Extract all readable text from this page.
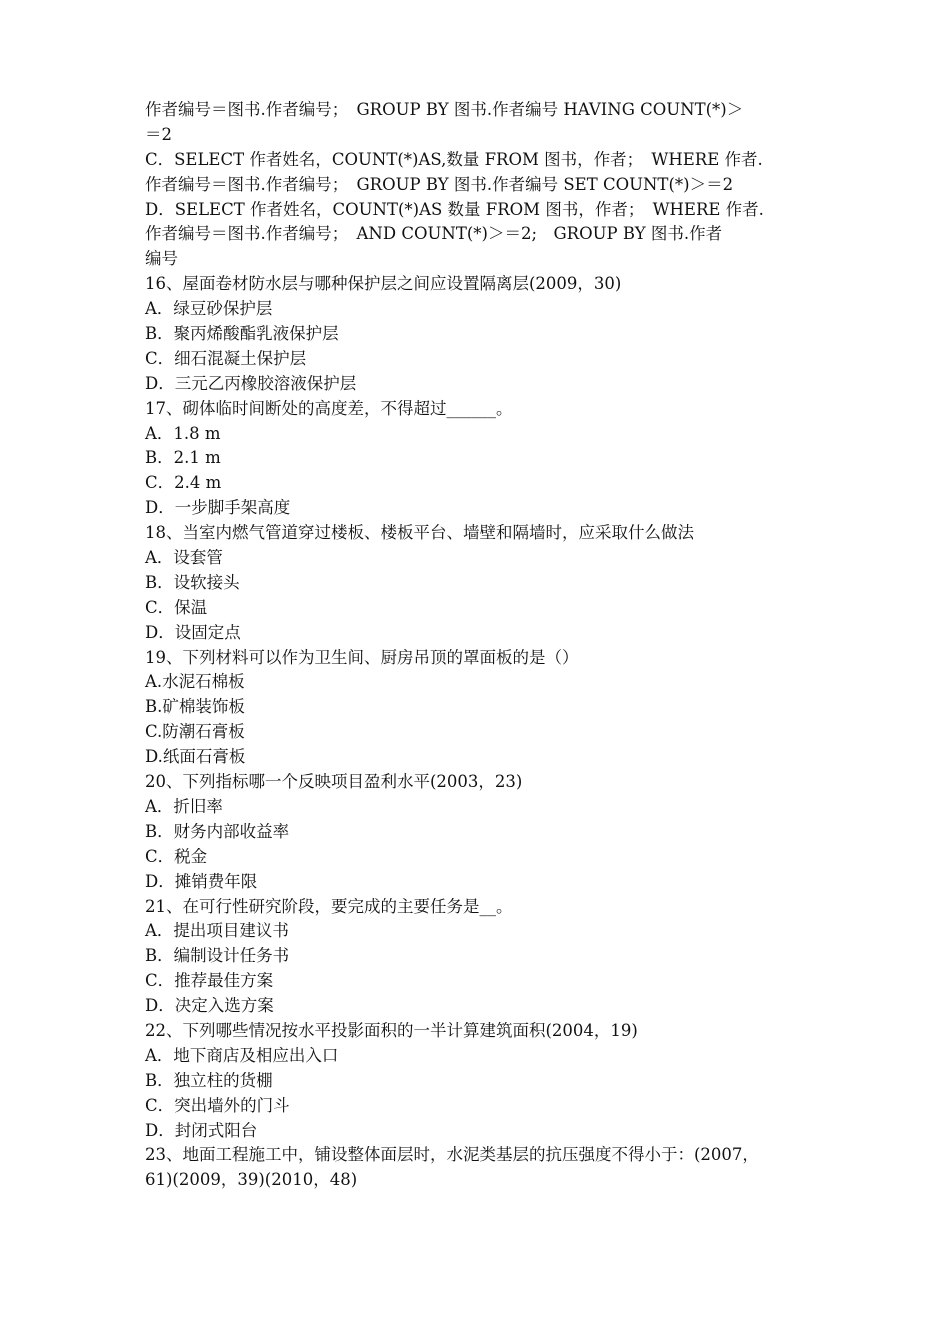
作者编号＝图书.作者编号；　GROUP BY 图书.作者编号 HAVING COUNT(*)＞
＝2
C．SELECT 作者姓名，COUNT(*)AS,数量 FROM 图书，作者；　WHERE 作者.
作者编号＝图书.作者编号；　GROUP BY 图书.作者编号 SET COUNT(*)＞＝2
D．SELECT 作者姓名，COUNT(*)AS 数量 FROM 图书，作者；　WHERE 作者.
作者编号＝图书.作者编号；　AND COUNT(*)＞＝2;　GROUP BY 图书.作者
编号
16、屋面卷材防水层与哪种保护层之间应设置隔离层(2009，30)
A．绿豆砂保护层
B．聚丙烯酸酯乳液保护层
C．细石混凝土保护层
D．三元乙丙橡胶溶液保护层
17、砌体临时间断处的高度差，不得超过______。
A．1.8 m
B．2.1 m
C．2.4 m
D．一步脚手架高度
18、当室内燃气管道穿过楼板、楼板平台、墙壁和隔墙时，应采取什么做法
A．设套管
B．设软接头
C．保温
D．设固定点
19、下列材料可以作为卫生间、厨房吊顶的罩面板的是（）
A.水泥石棉板
B.矿棉装饰板
C.防潮石膏板
D.纸面石膏板
20、下列指标哪一个反映项目盈利水平(2003，23)
A．折旧率
B．财务内部收益率
C．税金
D．摊销费年限
21、在可行性研究阶段，要完成的主要任务是__。
A．提出项目建议书
B．编制设计任务书
C．推荐最佳方案
D．决定入选方案
22、下列哪些情况按水平投影面积的一半计算建筑面积(2004，19)
A．地下商店及相应出入口
B．独立柱的货棚
C．突出墙外的门斗
D．封闭式阳台
23、地面工程施工中，铺设整体面层时，水泥类基层的抗压强度不得小于：(2007，
61)(2009，39)(2010，48)
